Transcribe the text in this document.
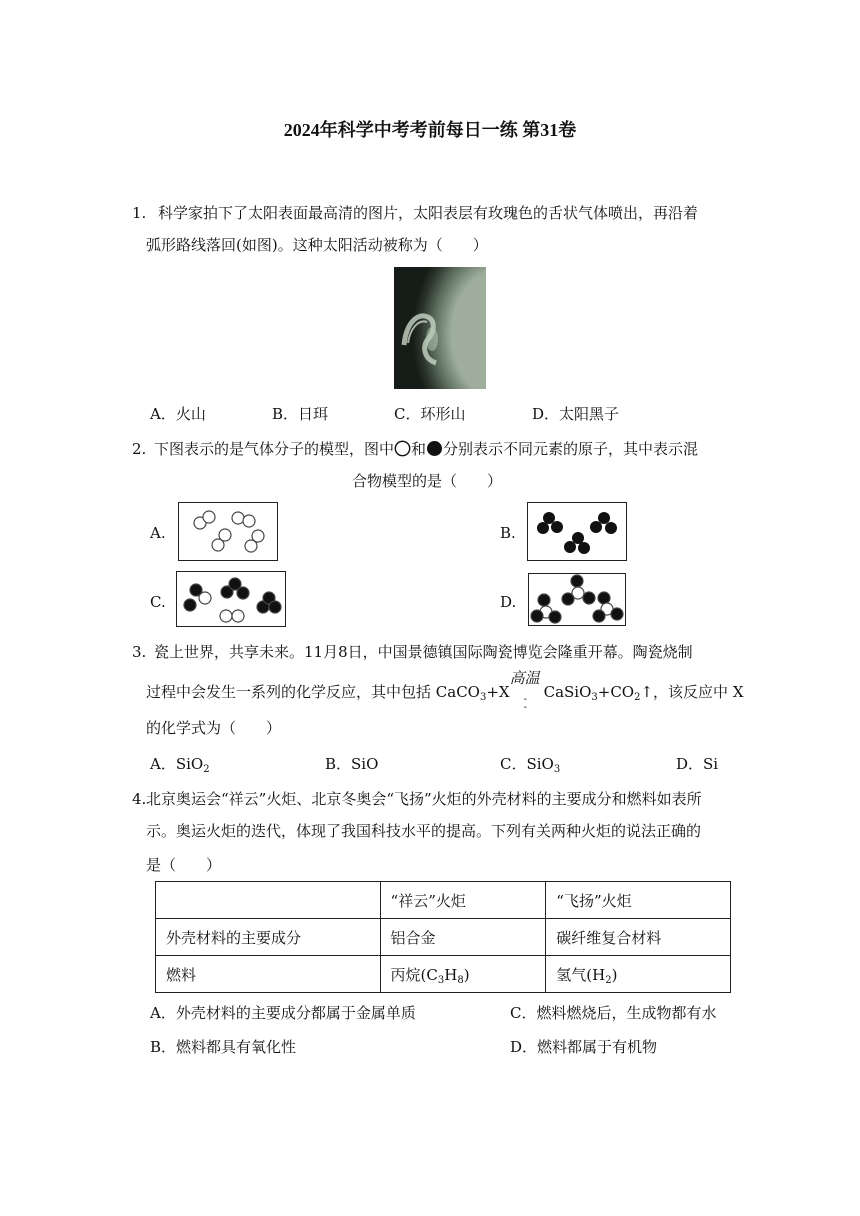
2024年科学中考考前每日一练 第31卷
1. 科学家拍下了太阳表面最高清的图片，太阳表层有玫瑰色的舌状气体喷出，再沿着
弧形路线落回(如图)。这种太阳活动被称为（　　）
A．火山	B．日珥	C．环形山	D．太阳黑子
2. 下图表示的是气体分子的模型，图中 和 分别表示不同元素的原子，其中表示混
合物模型的是（　　）
A.	B.
C.	D.
3. 瓷上世界，共享未来。11月8日，中国景德镇国际陶瓷博览会隆重开幕。陶瓷烧制
过程中会发生一系列的化学反应，其中包括 CaCO$_3$+X
高温
-
-
$CaSiO_3+CO_2↑$，该反应中 X
的化学式为（　　）
A．SiO$_2$	B．SiO	C．SiO$_3$	D．Si
4. 北京奥运会“祥云”火炬、北京冬奥会“飞扬”火炬的外壳材料的主要成分和燃料如表所
示。奥运火炬的迭代，体现了我国科技水平的提高。下列有关两种火炬的说法正确的
是（　　）
	“祥云”火炬	“飞扬”火炬
外壳材料的主要成分	铝合金	碳纤维复合材料
燃料	丙烷$(C_3H_8)$	氢气$(H_2)$
A．外壳材料的主要成分都属于金属单质	C．燃料燃烧后，生成物都有水
B．燃料都具有氧化性	D．燃料都属于有机物
